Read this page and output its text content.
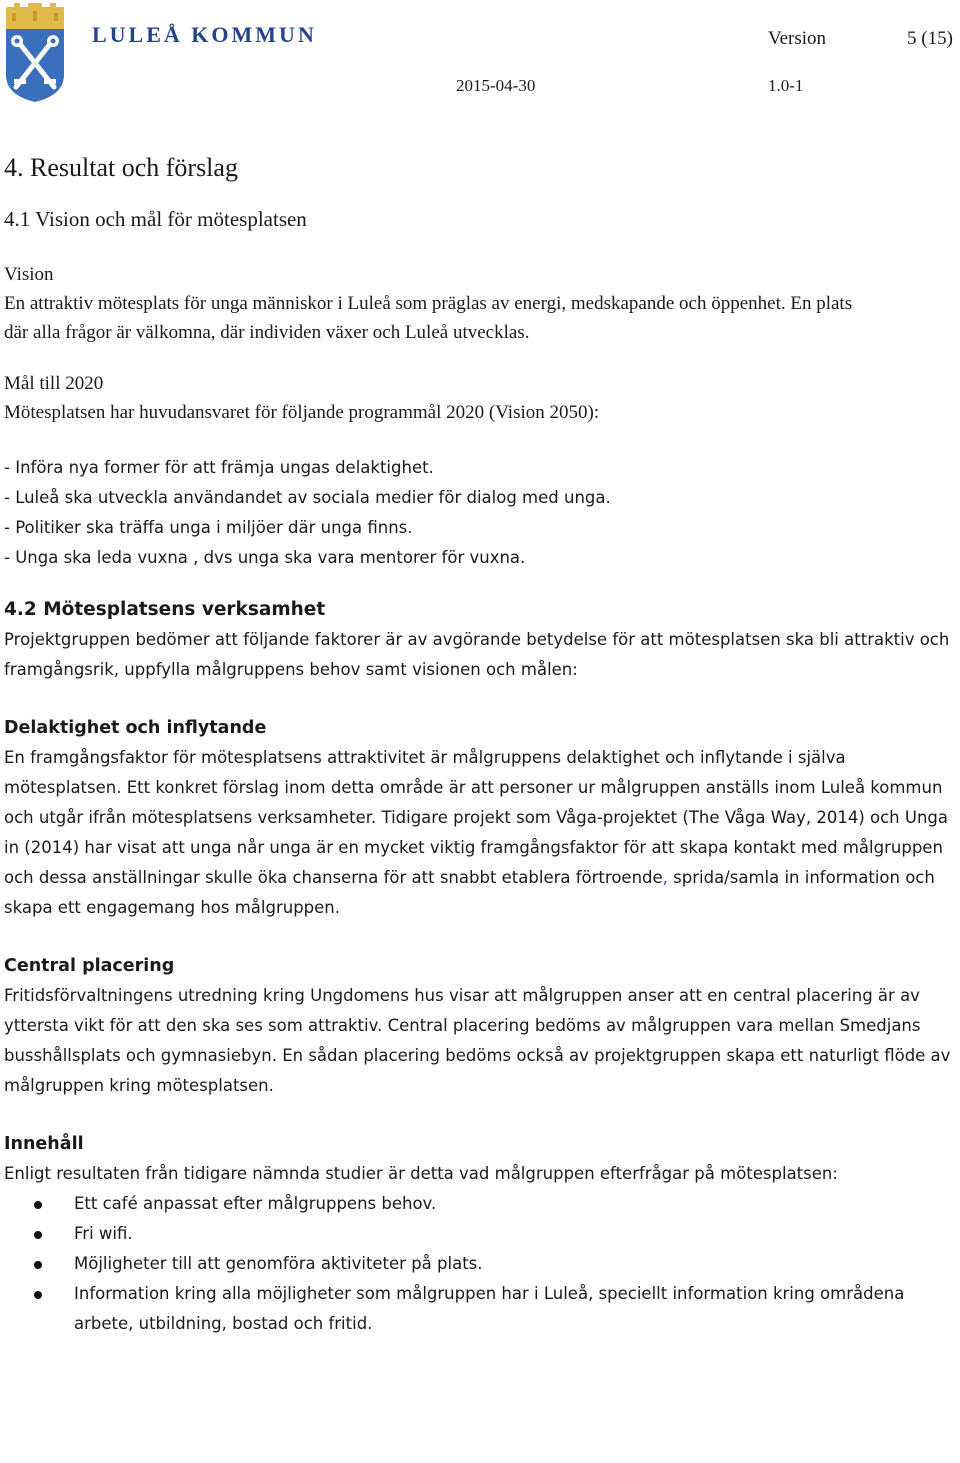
LULEÅ KOMMUN	Version	5 (15)
2015-04-30	1.0-1
4. Resultat och förslag
4.1 Vision och mål för mötesplatsen

Vision

En attraktiv mötesplats för unga människor i Luleå som präglas av energi, medskapande och öppenhet. En plats där alla frågor är välkomna, där individen växer och Luleå utvecklas.

Mål till 2020

Mötesplatsen har huvudansvaret för följande programmål 2020 (Vision 2050):

- Införa nya former för att främja ungas delaktighet.
- Luleå ska utveckla användandet av sociala medier för dialog med unga.
- Politiker ska träffa unga i miljöer där unga finns.
- Unga ska leda vuxna , dvs unga ska vara mentorer för vuxna.

4.2 Mötesplatsens verksamhet

Projektgruppen bedömer att följande faktorer är av avgörande betydelse för att mötesplatsen ska bli attraktiv och framgångsrik, uppfylla målgruppens behov samt visionen och målen:

Delaktighet och inflytande

En framgångsfaktor för mötesplatsens attraktivitet är målgruppens delaktighet och inflytande i själva mötesplatsen. Ett konkret förslag inom detta område är att personer ur målgruppen anställs inom Luleå kommun och utgår ifrån mötesplatsens verksamheter. Tidigare projekt som Våga-projektet (The Våga Way, 2014) och Unga in (2014) har visat att unga når unga är en mycket viktig framgångsfaktor för att skapa kontakt med målgruppen och dessa anställningar skulle öka chanserna för att snabbt etablera förtroende, sprida/samla in information och skapa ett engagemang hos målgruppen.

Central placering

Fritidsförvaltningens utredning kring Ungdomens hus visar att målgruppen anser att en central placering är av yttersta vikt för att den ska ses som attraktiv. Central placering bedöms av målgruppen vara mellan Smedjans busshållsplats och gymnasiebyn. En sådan placering bedöms också av projektgruppen skapa ett naturligt flöde av målgruppen kring mötesplatsen.

Innehåll

Enligt resultaten från tidigare nämnda studier är detta vad målgruppen efterfrågar på mötesplatsen:

Ett café anpassat efter målgruppens behov.
Fri wifi.
Möjligheter till att genomföra aktiviteter på plats.
Information kring alla möjligheter som målgruppen har i Luleå, speciellt information kring områdena arbete, utbildning, bostad och fritid.
